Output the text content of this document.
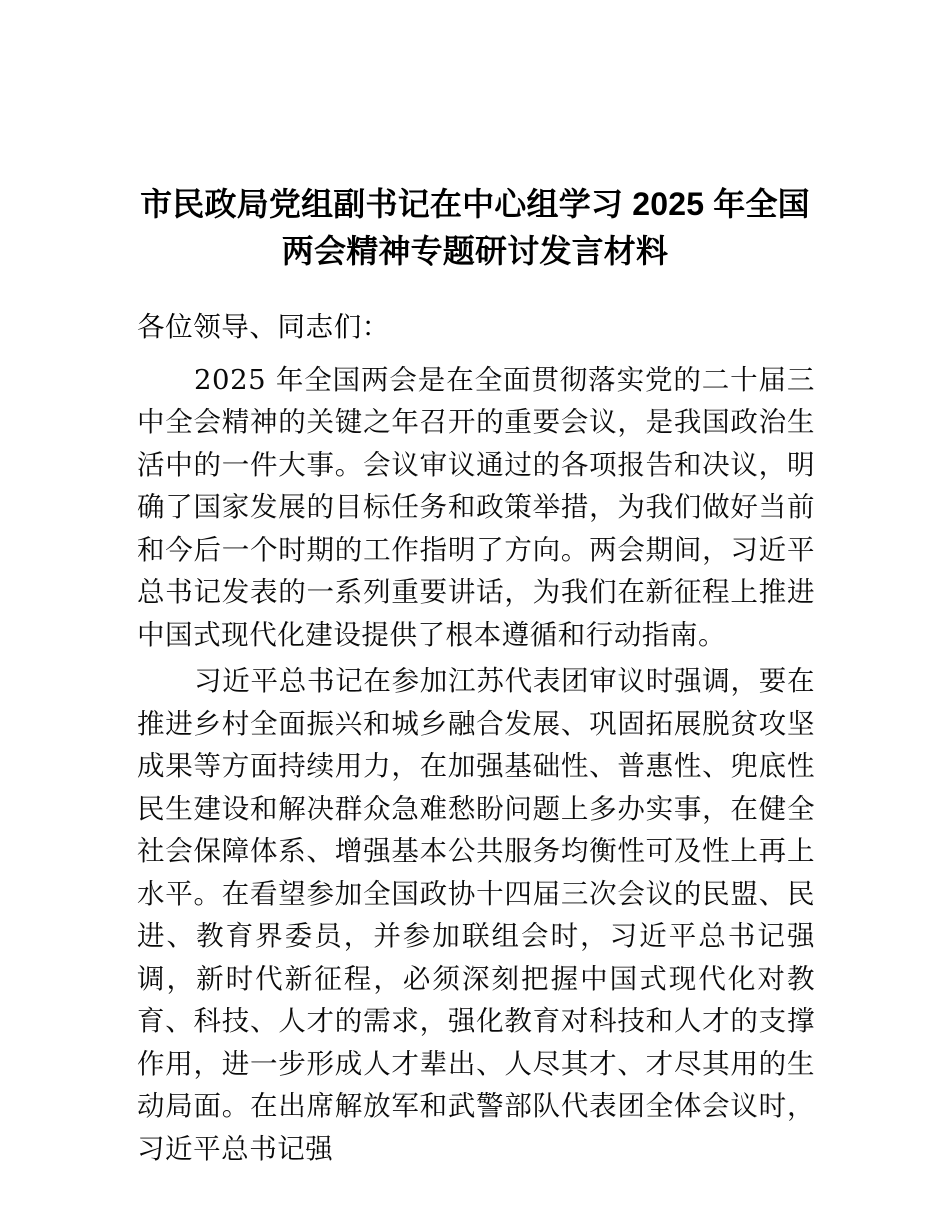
市民政局党组副书记在中心组学习 2025 年全国
两会精神专题研讨发言材料

各位领导、同志们：

2025 年全国两会是在全面贯彻落实党的二十届三中全会精神的关键之年召开的重要会议，是我国政治生活中的一件大事。会议审议通过的各项报告和决议，明确了国家发展的目标任务和政策举措，为我们做好当前和今后一个时期的工作指明了方向。两会期间，习近平总书记发表的一系列重要讲话，为我们在新征程上推进中国式现代化建设提供了根本遵循和行动指南。

习近平总书记在参加江苏代表团审议时强调，要在推进乡村全面振兴和城乡融合发展、巩固拓展脱贫攻坚成果等方面持续用力，在加强基础性、普惠性、兜底性民生建设和解决群众急难愁盼问题上多办实事，在健全社会保障体系、增强基本公共服务均衡性可及性上再上水平。在看望参加全国政协十四届三次会议的民盟、民进、教育界委员，并参加联组会时，习近平总书记强调，新时代新征程，必须深刻把握中国式现代化对教育、科技、人才的需求，强化教育对科技和人才的支撑作用，进一步形成人才辈出、人尽其才、才尽其用的生动局面。在出席解放军和武警部队代表团全体会议时，习近平总书记强
